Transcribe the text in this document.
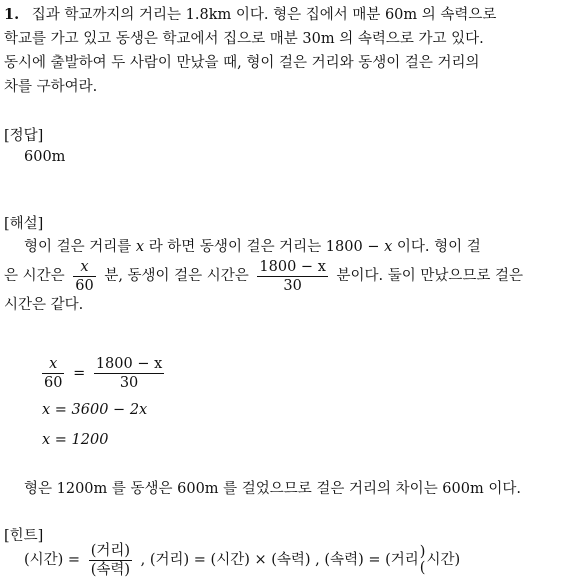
1. 집과 학교까지의 거리는 1.8km 이다. 형은 집에서 매분 60m 의 속력으로
학교를 가고 있고 동생은 학교에서 집으로 매분 30m 의 속력으로 가고 있다.
동시에 출발하여 두 사람이 만났을 때, 형이 걸은 거리와 동생이 걸은 거리의
차를 구하여라.
[정답]
600m
[해설]
형이 걸은 거리를 x 라 하면 동생이 걸은 거리는 1800 − x 이다. 형이 걸
은 시간은 $\frac{x}{60}$ 분, 동생이 걸은 시간은 $\frac{1800 - x}{30}$ 분이다. 둘이 만났으므로 걸은
시간은 같다.
$\frac{x}{60} = \frac{1800 - x}{30}$
x = 3600 − 2x
x = 1200
형은 1200m 를 동생은 600m 를 걸었으므로 걸은 거리의 차이는 600m 이다.
[힌트]
(시간) = $\frac{\text{(거리)}}{\text{(속력)}}$ , (거리) = (시간) × (속력) , (속력) = (거리 )
( 시간)
